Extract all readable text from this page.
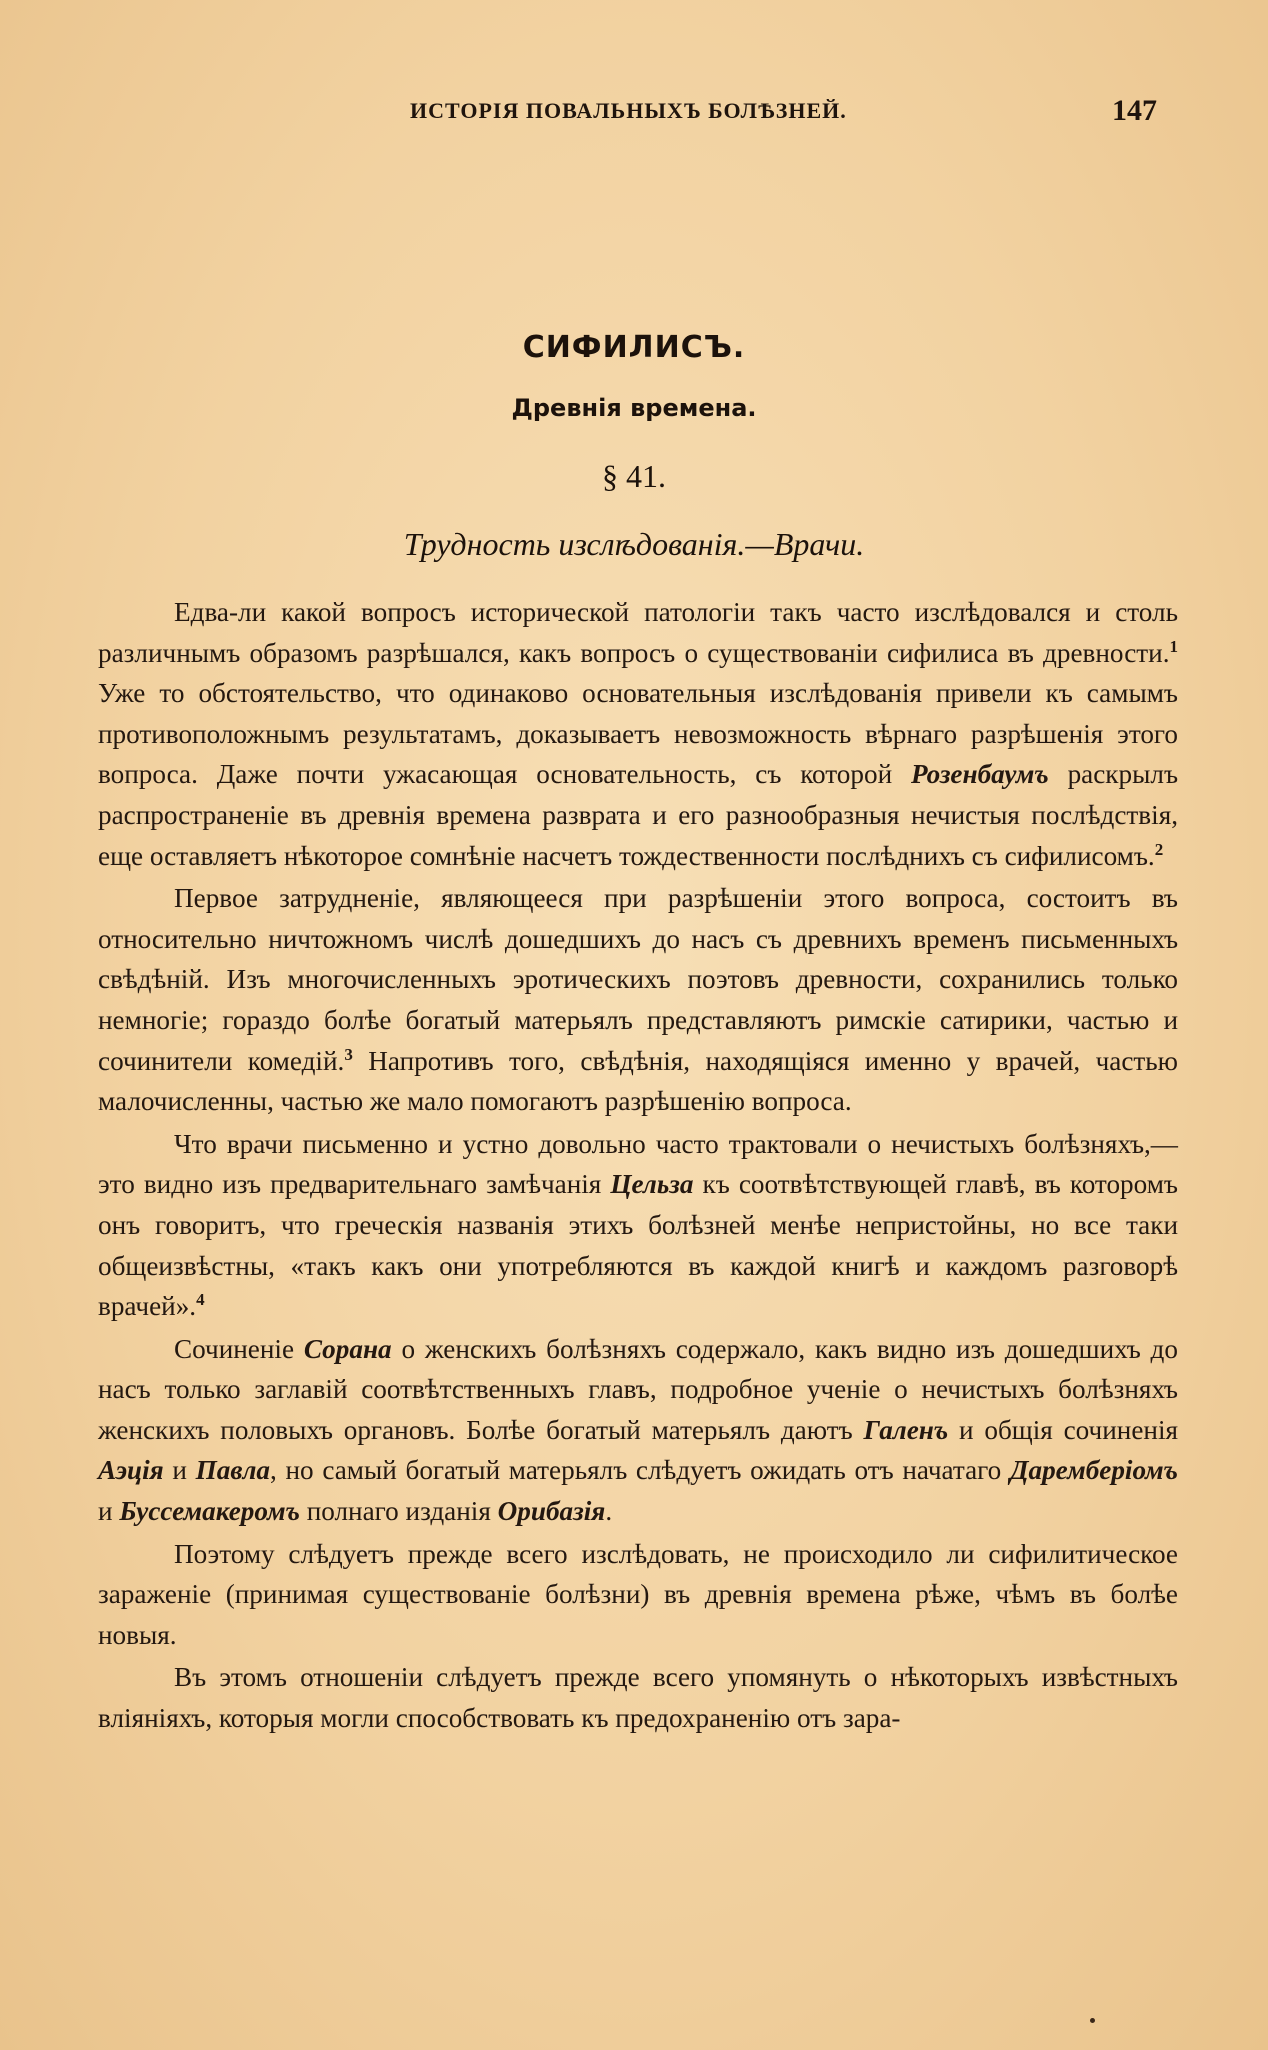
ИСТОРІЯ ПОВАЛЬНЫХЪ БОЛѢЗНЕЙ.	147
СИФИЛИСЪ.
Древнія времена.
§ 41.
Трудность изслѣдованія.—Врачи.

Едва-ли какой вопросъ исторической патологіи такъ часто изслѣдовался и столь различнымъ образомъ разрѣшался, какъ вопросъ о существованіи сифилиса въ древности.$^1$ Уже то обстоятельство, что одинаково основательныя изслѣдованія привели къ самымъ противоположнымъ результатамъ, доказываетъ невозможность вѣрнаго разрѣшенія этого вопроса. Даже почти ужасающая основательность, съ которой Розенбаумъ раскрылъ распространеніе въ древнія времена разврата и его разнообразныя нечистыя послѣдствія, еще оставляетъ нѣкоторое сомнѣніе насчетъ тождественности послѣднихъ съ сифилисомъ.$^2$

Первое затрудненіе, являющееся при разрѣшеніи этого вопроса, состоитъ въ относительно ничтожномъ числѣ дошедшихъ до насъ съ древнихъ временъ письменныхъ свѣдѣній. Изъ многочисленныхъ эротическихъ поэтовъ древности, сохранились только немногіе; гораздо болѣе богатый матерьялъ представляютъ римскіе сатирики, частью и сочинители комедій.$^3$ Напротивъ того, свѣдѣнія, находящіяся именно у врачей, частью малочисленны, частью же мало помогаютъ разрѣшенію вопроса.

Что врачи письменно и устно довольно часто трактовали о нечистыхъ болѣзняхъ,—это видно изъ предварительнаго замѣчанія Цельза къ соотвѣтствующей главѣ, въ которомъ онъ говоритъ, что греческія названія этихъ болѣзней менѣе непристойны, но все таки общеизвѣстны, «такъ какъ они употребляются въ каждой книгѣ и каждомъ разговорѣ врачей».$^4$

Сочиненіе Сорана о женскихъ болѣзняхъ содержало, какъ видно изъ дошедшихъ до насъ только заглавій соотвѣтственныхъ главъ, подробное ученіе о нечистыхъ болѣзняхъ женскихъ половыхъ органовъ. Болѣе богатый матерьялъ даютъ Галенъ и общія сочиненія Аэція и Павла, но самый богатый матерьялъ слѣдуетъ ожидать отъ начатаго Даремберіомъ и Буссемакеромъ полнаго изданія Орибазія.

Поэтому слѣдуетъ прежде всего изслѣдовать, не происходило ли сифилитическое зараженіе (принимая существованіе болѣзни) въ древнія времена рѣже, чѣмъ въ болѣе новыя.

Въ этомъ отношеніи слѣдуетъ прежде всего упомянуть о нѣкоторыхъ извѣстныхъ вліяніяхъ, которыя могли способствовать къ предохраненію отъ зара-
